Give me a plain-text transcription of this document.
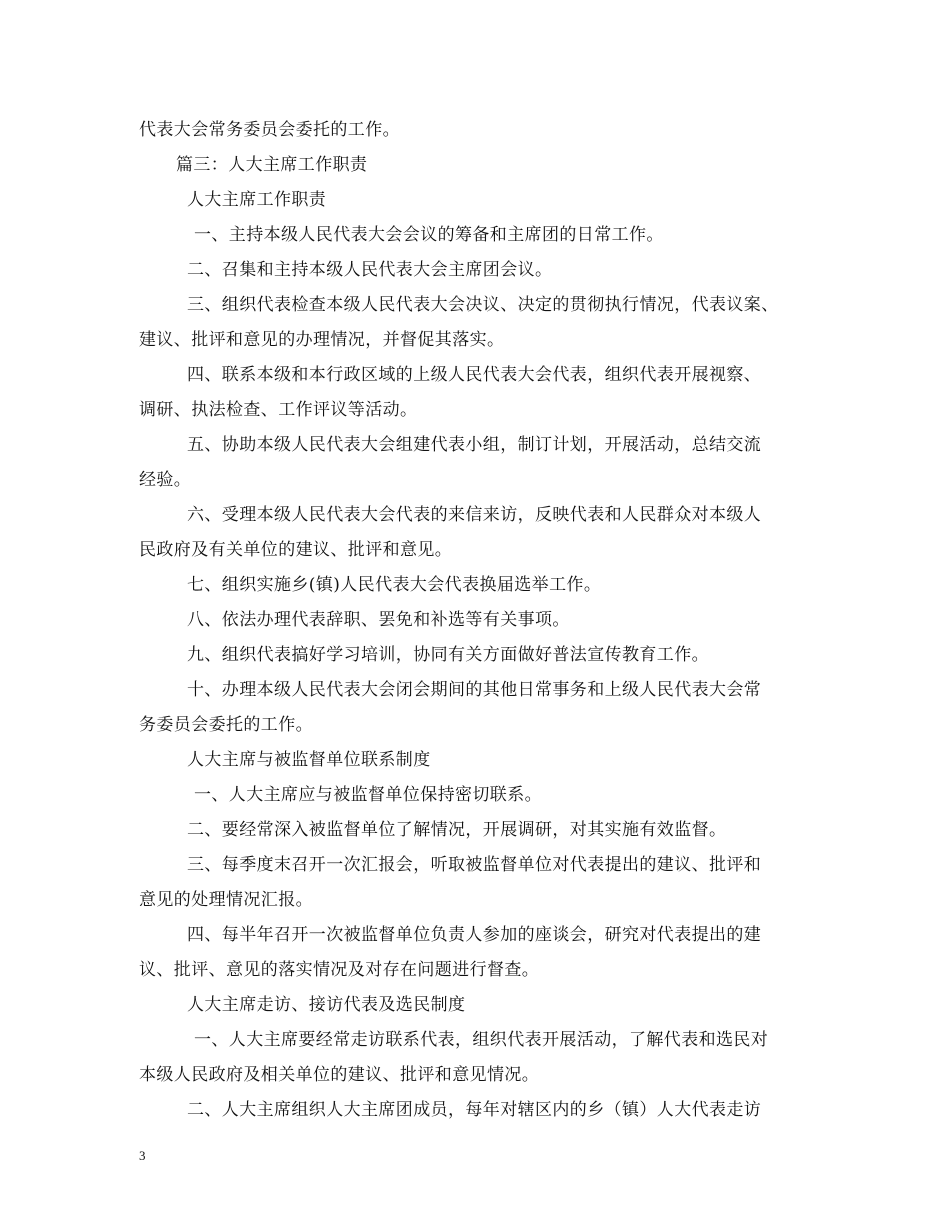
代表大会常务委员会委托的工作。
篇三：人大主席工作职责
人大主席工作职责
一、主持本级人民代表大会会议的筹备和主席团的日常工作。
二、召集和主持本级人民代表大会主席团会议。
三、组织代表检查本级人民代表大会决议、决定的贯彻执行情况，代表议案、
建议、批评和意见的办理情况，并督促其落实。
四、联系本级和本行政区域的上级人民代表大会代表，组织代表开展视察、
调研、执法检查、工作评议等活动。
五、协助本级人民代表大会组建代表小组，制订计划，开展活动，总结交流
经验。
六、受理本级人民代表大会代表的来信来访，反映代表和人民群众对本级人
民政府及有关单位的建议、批评和意见。
七、组织实施乡(镇)人民代表大会代表换届选举工作。
八、依法办理代表辞职、罢免和补选等有关事项。
九、组织代表搞好学习培训，协同有关方面做好普法宣传教育工作。
十、办理本级人民代表大会闭会期间的其他日常事务和上级人民代表大会常
务委员会委托的工作。
人大主席与被监督单位联系制度
一、人大主席应与被监督单位保持密切联系。
二、要经常深入被监督单位了解情况，开展调研，对其实施有效监督。
三、每季度末召开一次汇报会，听取被监督单位对代表提出的建议、批评和
意见的处理情况汇报。
四、每半年召开一次被监督单位负责人参加的座谈会，研究对代表提出的建
议、批评、意见的落实情况及对存在问题进行督查。
人大主席走访、接访代表及选民制度
一、人大主席要经常走访联系代表，组织代表开展活动，了解代表和选民对
本级人民政府及相关单位的建议、批评和意见情况。
二、人大主席组织人大主席团成员，每年对辖区内的乡（镇）人大代表走访
3
